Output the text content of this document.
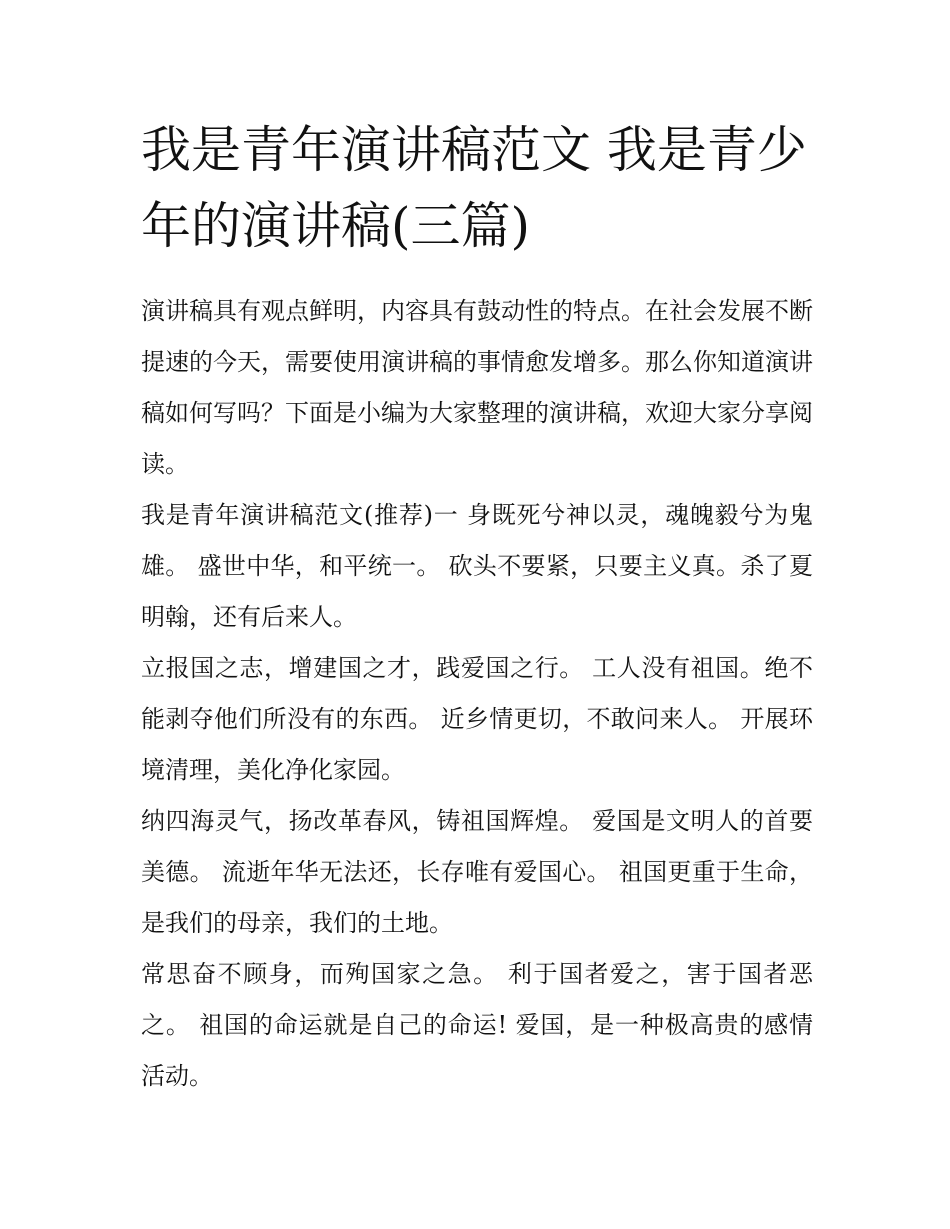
我是青年演讲稿范文 我是青少年的演讲稿(三篇)

演讲稿具有观点鲜明，内容具有鼓动性的特点。在社会发展不断提速的今天，需要使用演讲稿的事情愈发增多。那么你知道演讲稿如何写吗？下面是小编为大家整理的演讲稿，欢迎大家分享阅读。

我是青年演讲稿范文(推荐)一 身既死兮神以灵，魂魄毅兮为鬼雄。 盛世中华，和平统一。 砍头不要紧，只要主义真。杀了夏明翰，还有后来人。

立报国之志，增建国之才，践爱国之行。 工人没有祖国。绝不能剥夺他们所没有的东西。 近乡情更切，不敢问来人。 开展环境清理，美化净化家园。

纳四海灵气，扬改革春风，铸祖国辉煌。 爱国是文明人的首要美德。 流逝年华无法还，长存唯有爱国心。 祖国更重于生命，是我们的母亲，我们的土地。

常思奋不顾身，而殉国家之急。 利于国者爱之，害于国者恶之。 祖国的命运就是自己的命运! 爱国，是一种极高贵的感情活动。
